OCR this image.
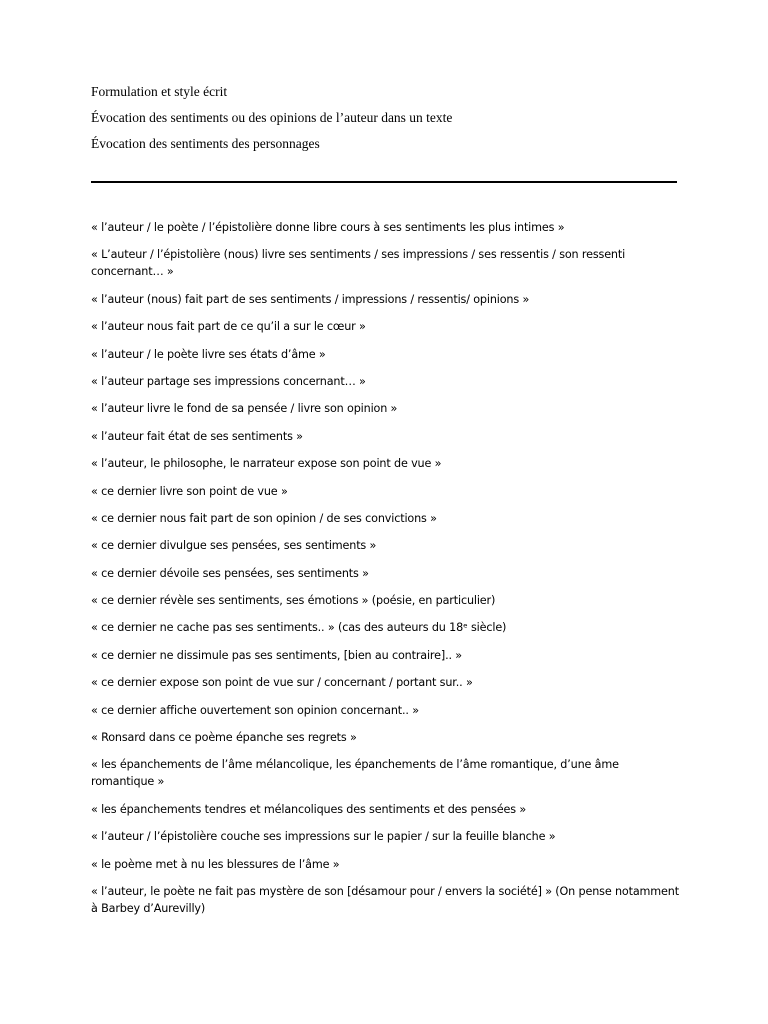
Formulation et style écrit
Évocation des sentiments ou des opinions de l’auteur dans un texte
Évocation des sentiments des personnages
« l’auteur / le poète / l’épistolière donne libre cours à ses sentiments les plus intimes »
« L’auteur / l’épistolière (nous) livre ses sentiments / ses impressions / ses ressentis / son ressenti concernant… »
« l’auteur (nous) fait part de ses sentiments / impressions / ressentis/ opinions »
« l’auteur nous fait part de ce qu’il a sur le cœur »
« l’auteur / le poète livre ses états d’âme »
« l’auteur partage ses impressions concernant… »
« l’auteur livre le fond de sa pensée / livre son opinion »
« l’auteur fait état de ses sentiments »
« l’auteur, le philosophe, le narrateur expose son point de vue »
« ce dernier livre son point de vue »
« ce dernier nous fait part de son opinion / de ses convictions »
« ce dernier divulgue ses pensées, ses sentiments »
« ce dernier dévoile ses pensées, ses sentiments »
« ce dernier révèle ses sentiments, ses émotions » (poésie, en particulier)
« ce dernier ne cache pas ses sentiments.. » (cas des auteurs du 18ᵉ siècle)
« ce dernier ne dissimule pas ses sentiments, [bien au contraire].. »
« ce dernier expose son point de vue sur / concernant / portant sur.. »
« ce dernier affiche ouvertement son opinion concernant.. »
« Ronsard dans ce poème épanche ses regrets »
« les épanchements de l’âme mélancolique, les épanchements de l’âme romantique, d’une âme romantique »
« les épanchements tendres et mélancoliques des sentiments et des pensées »
« l’auteur / l’épistolière couche ses impressions sur le papier / sur la feuille blanche »
« le poème met à nu les blessures de l’âme »
« l’auteur, le poète ne fait pas mystère de son [désamour pour / envers la société] » (On pense notamment à Barbey d’Aurevilly)
